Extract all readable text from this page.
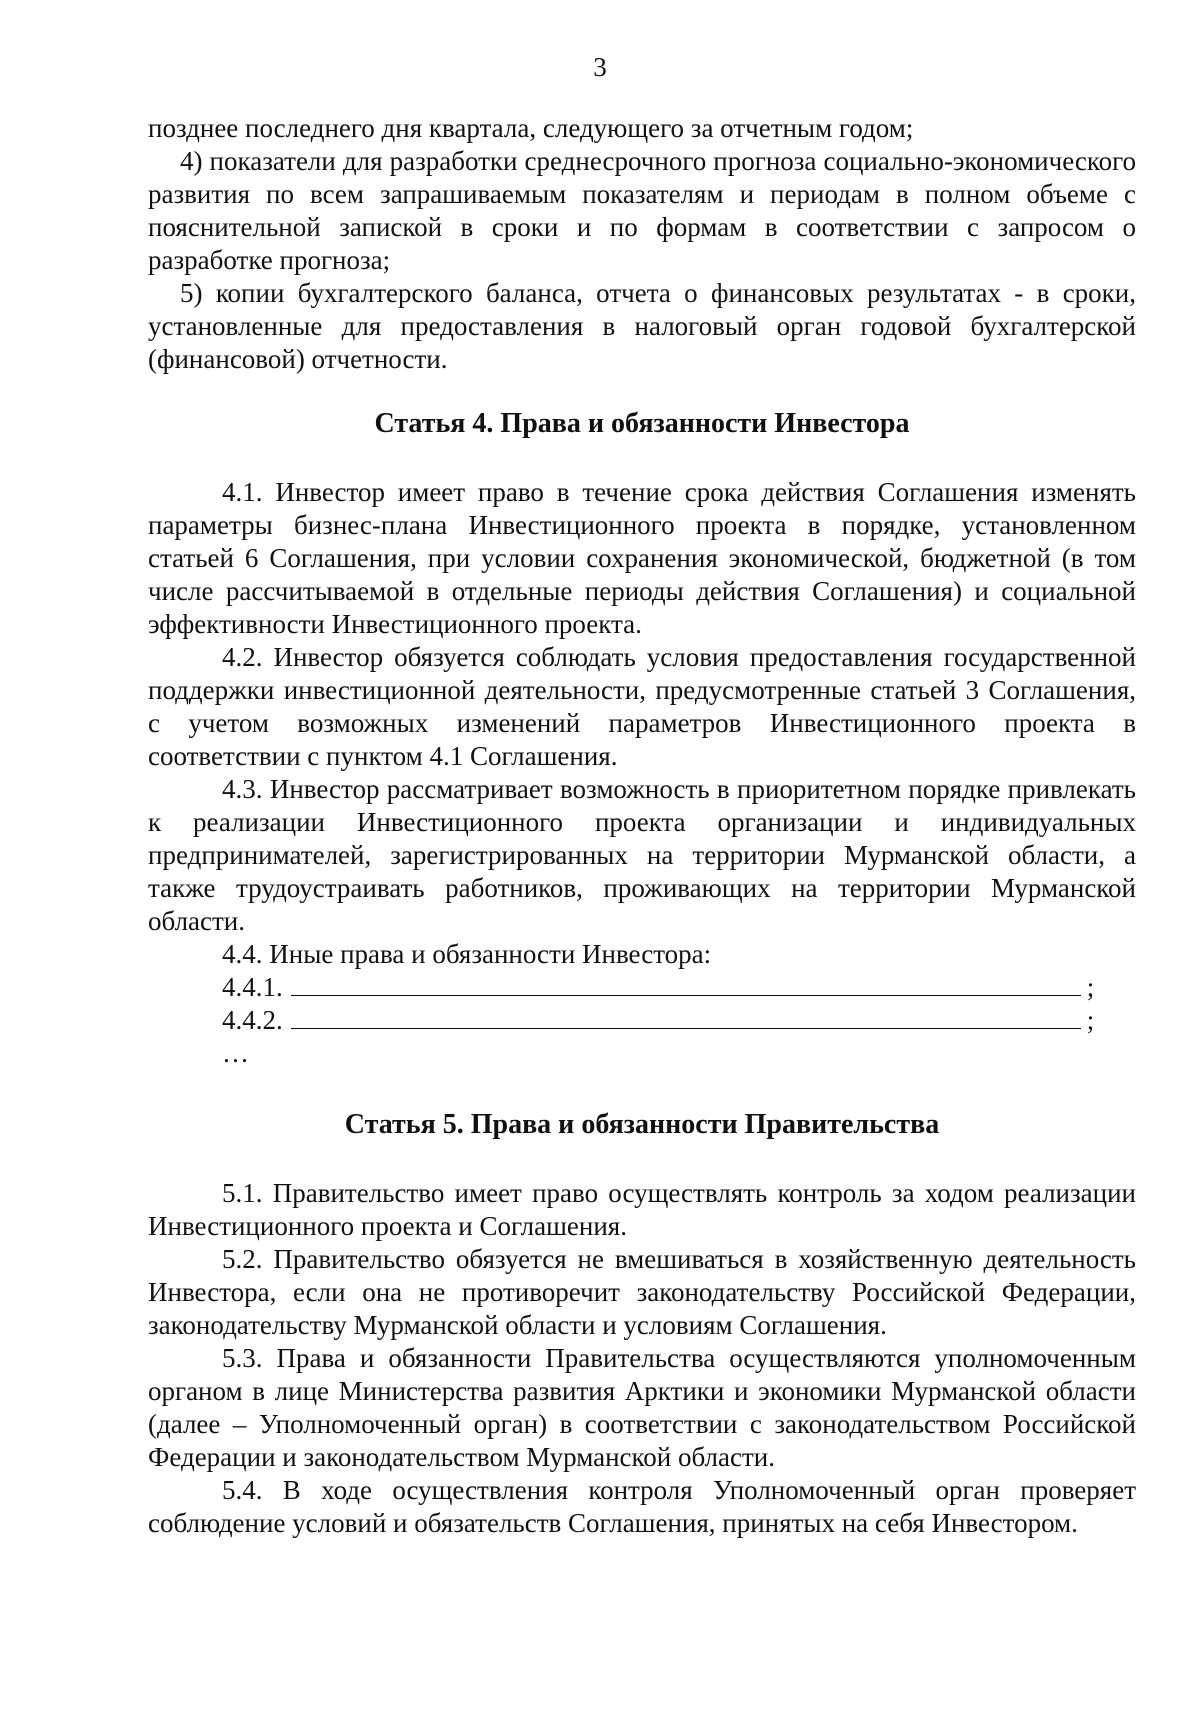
3

позднее последнего дня квартала, следующего за отчетным годом;

4) показатели для разработки среднесрочного прогноза социально-экономического развития по всем запрашиваемым показателям и периодам в полном объеме с пояснительной запиской в сроки и по формам в соответствии с запросом о разработке прогноза;

5) копии бухгалтерского баланса, отчета о финансовых результатах - в сроки, установленные для предоставления в налоговый орган годовой бухгалтерской (финансовой) отчетности.

Статья 4. Права и обязанности Инвестора

4.1. Инвестор имеет право в течение срока действия Соглашения изменять параметры бизнес-плана Инвестиционного проекта в порядке, установленном статьей 6 Соглашения, при условии сохранения экономической, бюджетной (в том числе рассчитываемой в отдельные периоды действия Соглашения) и социальной эффективности Инвестиционного проекта.

4.2. Инвестор обязуется соблюдать условия предоставления государственной поддержки инвестиционной деятельности, предусмотренные статьей 3 Соглашения, с учетом возможных изменений параметров Инвестиционного проекта в соответствии с пунктом 4.1 Соглашения.

4.3. Инвестор рассматривает возможность в приоритетном порядке привлекать к реализации Инвестиционного проекта организации и индивидуальных предпринимателей, зарегистрированных на территории Мурманской области, а также трудоустраивать работников, проживающих на территории Мурманской области.

4.4. Иные права и обязанности Инвестора:

4.4.1.	;
4.4.2.	;
…
Статья 5. Права и обязанности Правительства

5.1. Правительство имеет право осуществлять контроль за ходом реализации Инвестиционного проекта и Соглашения.

5.2. Правительство обязуется не вмешиваться в хозяйственную деятельность Инвестора, если она не противоречит законодательству Российской Федерации, законодательству Мурманской области и условиям Соглашения.

5.3. Права и обязанности Правительства осуществляются уполномоченным органом в лице Министерства развития Арктики и экономики Мурманской области (далее – Уполномоченный орган) в соответствии с законодательством Российской Федерации и законодательством Мурманской области.

5.4. В ходе осуществления контроля Уполномоченный орган проверяет соблюдение условий и обязательств Соглашения, принятых на себя Инвестором.
